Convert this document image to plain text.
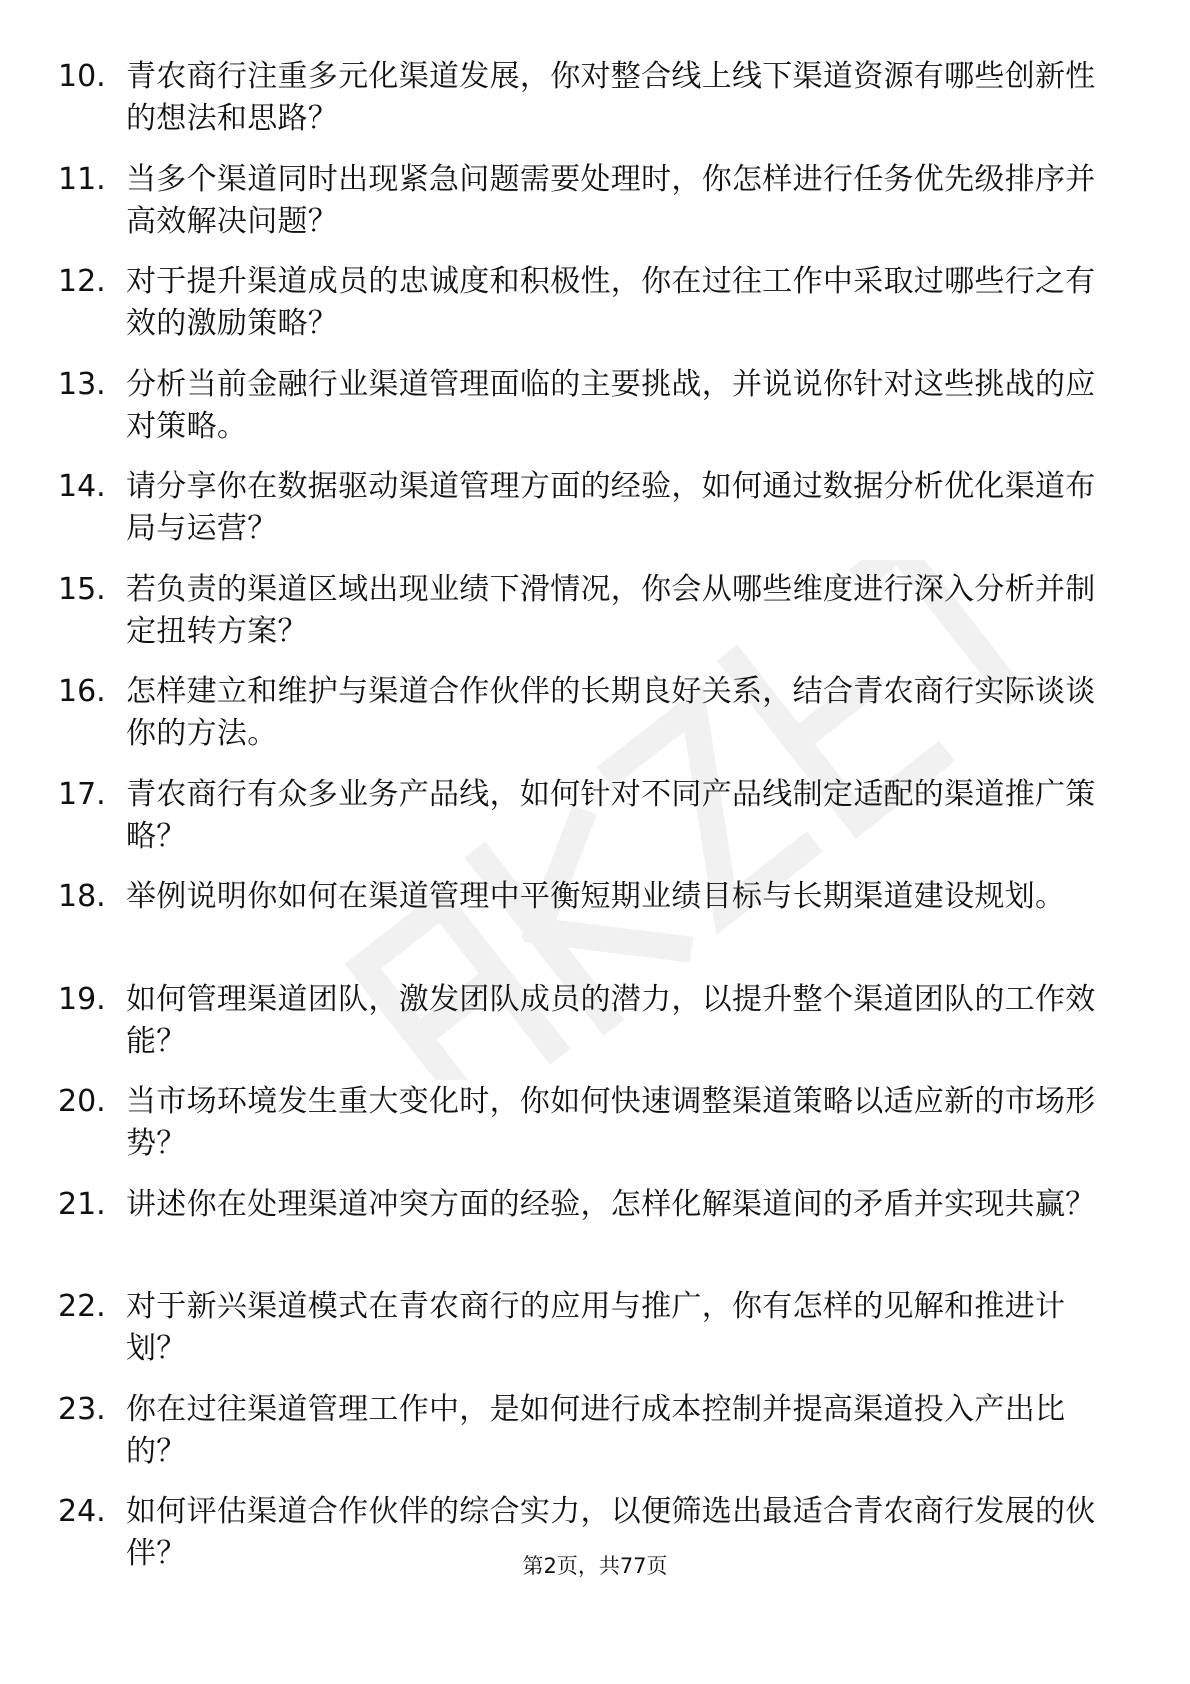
10. 青农商行注重多元化渠道发展，你对整合线上线下渠道资源有哪些创新性的想法和思路？
11. 当多个渠道同时出现紧急问题需要处理时，你怎样进行任务优先级排序并高效解决问题？
12. 对于提升渠道成员的忠诚度和积极性，你在过往工作中采取过哪些行之有效的激励策略？
13. 分析当前金融行业渠道管理面临的主要挑战，并说说你针对这些挑战的应对策略。
14. 请分享你在数据驱动渠道管理方面的经验，如何通过数据分析优化渠道布局与运营？
15. 若负责的渠道区域出现业绩下滑情况，你会从哪些维度进行深入分析并制定扭转方案？
16. 怎样建立和维护与渠道合作伙伴的长期良好关系，结合青农商行实际谈谈你的方法。
17. 青农商行有众多业务产品线，如何针对不同产品线制定适配的渠道推广策略？
18. 举例说明你如何在渠道管理中平衡短期业绩目标与长期渠道建设规划。
19. 如何管理渠道团队，激发团队成员的潜力，以提升整个渠道团队的工作效能？
20. 当市场环境发生重大变化时，你如何快速调整渠道策略以适应新的市场形势？
21. 讲述你在处理渠道冲突方面的经验，怎样化解渠道间的矛盾并实现共赢？
22. 对于新兴渠道模式在青农商行的应用与推广，你有怎样的见解和推进计划？
23. 你在过往渠道管理工作中，是如何进行成本控制并提高渠道投入产出比的？
24. 如何评估渠道合作伙伴的综合实力，以便筛选出最适合青农商行发展的伙伴？	第2页，共77页
